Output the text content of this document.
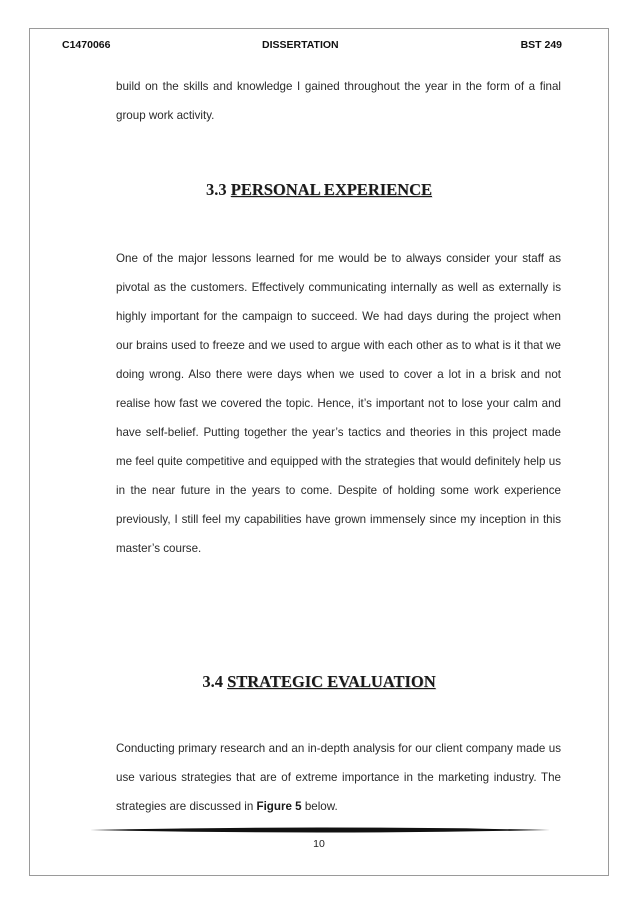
C1470066	DISSERTATION	BST 249

build on the skills and knowledge I gained throughout the year in the form of a final group work activity.

3.3 PERSONAL EXPERIENCE

One of the major lessons learned for me would be to always consider your staff as pivotal as the customers. Effectively communicating internally as well as externally is highly important for the campaign to succeed. We had days during the project when our brains used to freeze and we used to argue with each other as to what is it that we doing wrong. Also there were days when we used to cover a lot in a brisk and not realise how fast we covered the topic. Hence, it’s important not to lose your calm and have self-belief. Putting together the year’s tactics and theories in this project made me feel quite competitive and equipped with the strategies that would definitely help us in the near future in the years to come. Despite of holding some work experience previously, I still feel my capabilities have grown immensely since my inception in this master’s course.

3.4 STRATEGIC EVALUATION

Conducting primary research and an in-depth analysis for our client company made us use various strategies that are of extreme importance in the marketing industry. The strategies are discussed in Figure 5 below.

10
